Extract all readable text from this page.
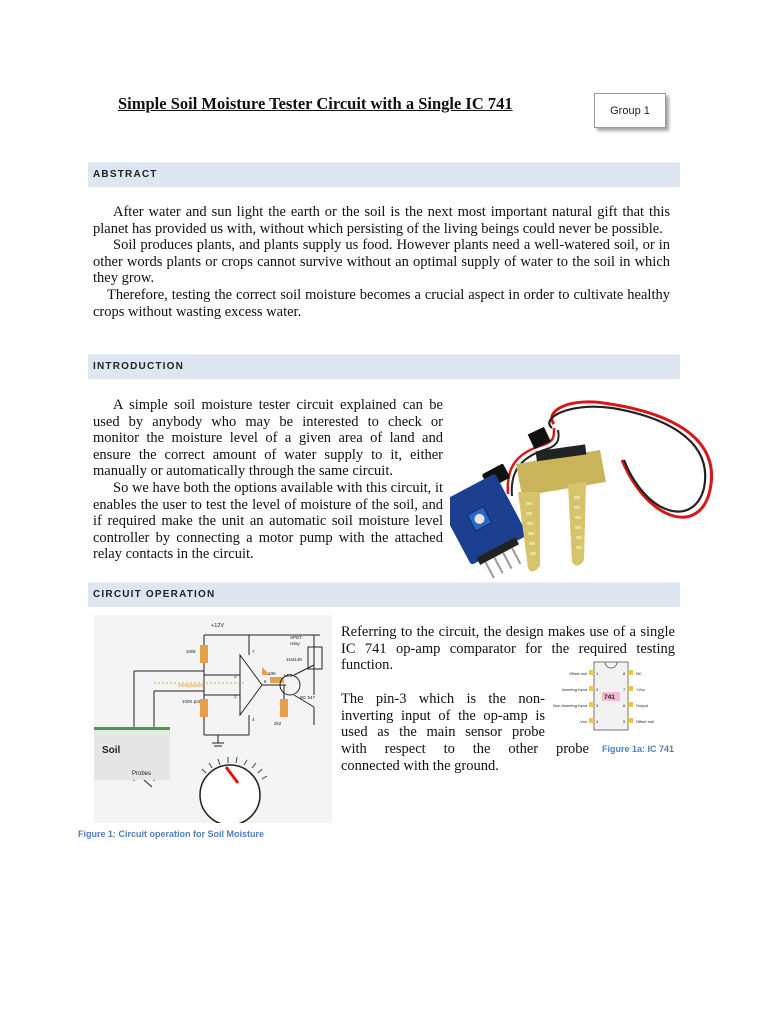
Simple Soil Moisture Tester Circuit with a Single IC 741	Group 1
ABSTRACT

After water and sun light the earth or the soil is the next most important natural gift that this planet has provided us with, without which persisting of the living beings could never be possible.

Soil produces plants, and plants supply us food. However plants need a well-watered soil, or in other words plants or crops cannot survive without an optimal supply of water to the soil in which they grow.

Therefore, testing the correct soil moisture becomes a crucial aspect in order to cultivate healthy crops without wasting excess water.

INTRODUCTION

A simple soil moisture tester circuit explained can be used by anybody who may be interested to check or monitor the moisture level of a given area of land and ensure the correct amount of water supply to it, either manually or automatically through the same circuit.

So we have both the options available with this circuit, it enables the user to test the level of moisture of the soil, and if required make the unit an automatic soil moisture level controller by connecting a motor pump with the attached relay contacts in the circuit.

CIRCUIT OPERATION
+12V
100k
SPDT
relay
1N4148
10K LED
BC 547
swagatam
100K pot
2k2
3
2
7
6
4
Soil
Probes
Figure 1: Circuit operation for Soil Moisture

Referring to the circuit, the design makes use of a single IC 741 op-amp comparator for the required testing function.

The pin-3 which is the non-
inverting input of the op-amp is
used as the main sensor probe
with respect to the other probe
connected with the ground.
741
1
2
3
4
8
7
6
5
Offset null
Inverting Input
Non-Inverting Input
-Vcc
NC
+Vcc
Output
Offset null
Figure 1a: IC 741
